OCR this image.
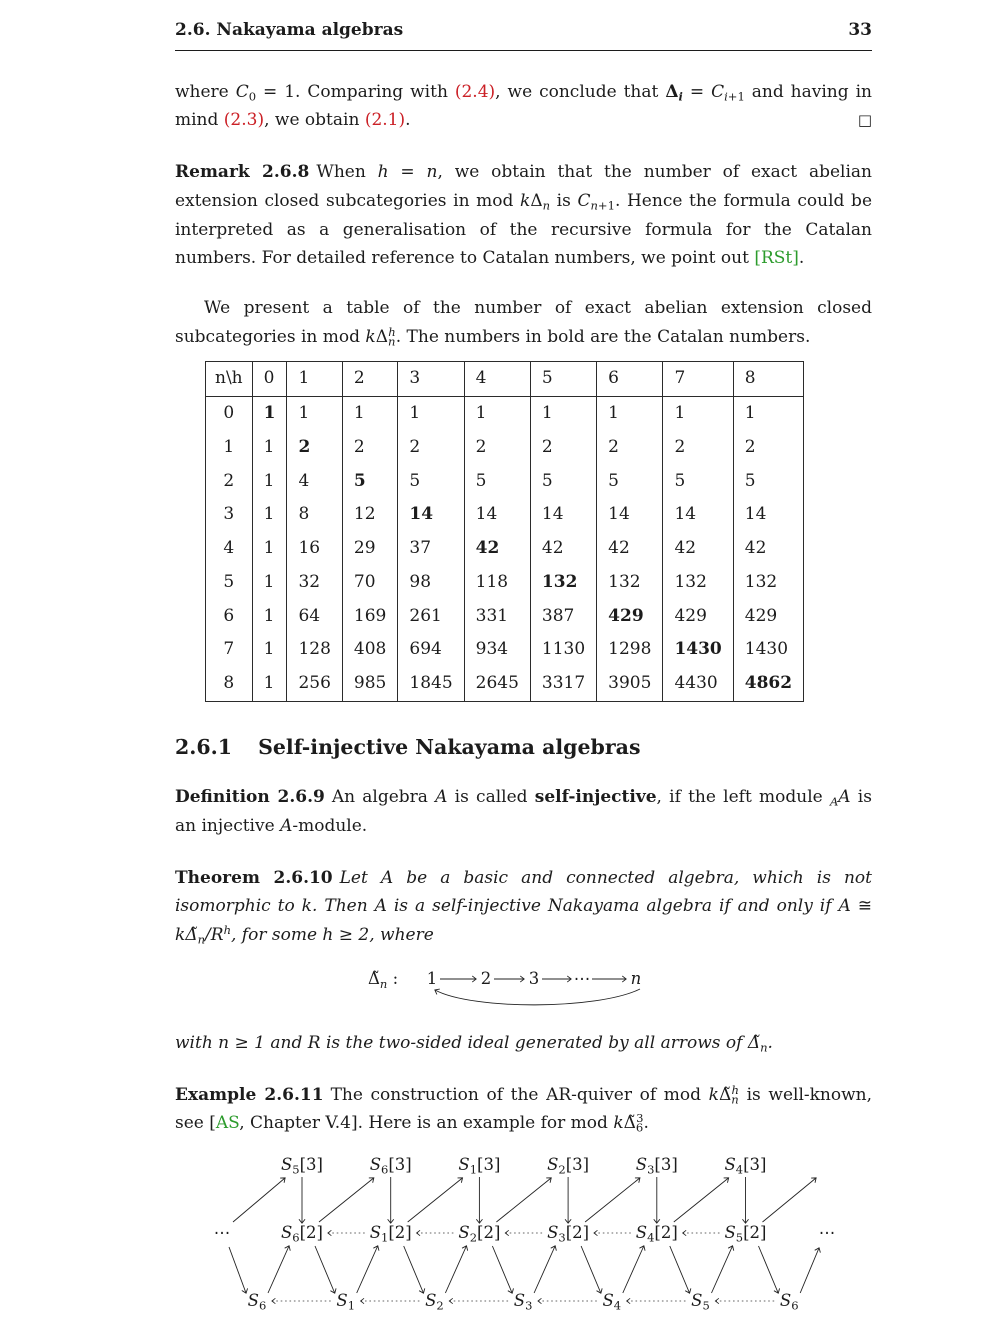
2.6. Nakayama algebras	33

where $C_0 = 1$. Comparing with (2.4), we conclude that $\Delta_i = C_{i+1}$ and having in mind (2.3), we obtain (2.1).	□

Remark 2.6.8 When h = n, we obtain that the number of exact abelian extension closed subcategories in mod $k\Delta_n$ is $C_{n+1}$. Hence the formula could be interpreted as a generalisation of the recursive formula for the Catalan numbers. For detailed reference to Catalan numbers, we point out [RSt].

We present a table of the number of exact abelian extension closed subcategories in mod $k\Delta_n^h$. The numbers in bold are the Catalan numbers.

n\h	0	1	2	3	4	5	6	7	8
0	1	1	1	1	1	1	1	1	1
1	1	2	2	2	2	2	2	2	2
2	1	4	5	5	5	5	5	5	5
3	1	8	12	14	14	14	14	14	14
4	1	16	29	37	42	42	42	42	42
5	1	32	70	98	118	132	132	132	132
6	1	64	169	261	331	387	429	429	429
7	1	128	408	694	934	1130	1298	1430	1430
8	1	256	985	1845	2645	3317	3905	4430	4862
2.6.1 Self-injective Nakayama algebras

Definition 2.6.9 An algebra A is called self-injective, if the left module $_A$A is an injective A-module.

Theorem 2.6.10 Let A be a basic and connected algebra, which is not isomorphic to k. Then A is a self-injective Nakayama algebra if and only if A ≅ $k\Deltã_n/R^h$, for some h ≥ 2, where

$\Deltã_n$ : 1	2 3 ⋯ n

with n ≥ 1 and R is the two-sided ideal generated by all arrows of $\Deltã_n$.

Example 2.6.11 The construction of the AR-quiver of mod $k\Deltã_n^h$ is well-known, see [AS, Chapter V.4]. Here is an example for mod $k\Deltã_6^3$.

$S_5[3]$	$S_6[3]$	$S_1[3]$	$S_2[3]$	$S_3[3]$	$S_4[3]$
$S_6[2]$	$S_1[2]$	$S_2[2]$	$S_3[2]$	$S_4[2]$	$S_5[2]$
$S_6$	$S_1$	$S_2$	$S_3$	$S_4$	$S_5$	$S_6$
⋯	⋯
